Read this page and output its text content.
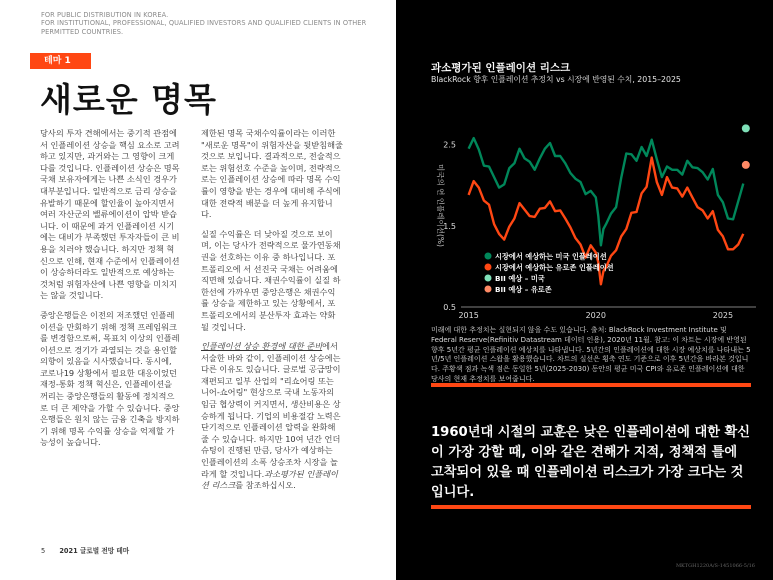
FOR PUBLIC DISTRIBUTION IN KOREA.
FOR INSTITUTIONAL, PROFESSIONAL, QUALIFIED INVESTORS AND QUALIFIED CLIENTS IN OTHER PERMITTED COUNTRIES.
테마 1
새로운 명목

당사의 투자 견해에서는 중기적 관점에서 인플레이션 상승을 핵심 요소로 고려하고 있지만, 과거와는 그 영향이 크게 다를 것입니다. 인플레이션 상승은 명목국채 보유자에게는 나쁜 소식인 경우가 대부분입니다. 일반적으로 금리 상승을 유발하기 때문에 할인율이 높아지면서 여러 자산군의 밸류에이션이 압박 받습니다. 이 때문에 과거 인플레이션 시기에는 대비가 부족했던 투자자들이 큰 비용을 치러야 했습니다. 하지만 정책 혁신으로 인해, 현재 수준에서 인플레이션이 상승하더라도 일반적으로 예상하는 것처럼 위험자산에 나쁜 영향을 미치지는 않을 것입니다.

중앙은행들은 이전의 저조했던 인플레이션을 만회하기 위해 정책 프레임워크를 변경함으로써, 목표치 이상의 인플레이션으로 경기가 과열되는 것을 용인할 의향이 있음을 시사했습니다. 동시에, 코로나19 상황에서 필요한 대응이었던 재정-통화 정책 혁신은, 인플레이션을 꺼리는 중앙은행들의 활동에 정치적으로 더 큰 제약을 가할 수 있습니다. 중앙은행들은 원치 않는 금융 긴축을 방지하기 위해 명목 수익률 상승을 억제할 가능성이 높습니다.

제한된 명목 국채수익률이라는 이러한 "새로운 명목"이 위험자산을 뒷받침해줄 것으로 보입니다. 결과적으로, 전술적으로는 위험선호 수준을 높이며, 전략적으로는 인플레이션 상승에 따라 명목 수익률이 영향을 받는 경우에 대비해 주식에 대한 전략적 배분을 더 높게 유지합니다.

실질 수익률은 더 낮아질 것으로 보이며, 이는 당사가 전략적으로 물가연동채권을 선호하는 이유 중 하나입니다. 포트폴리오에 서 선진국 국채는 어려움에 직면해 있습니다. 채권수익률이 실질 하한선에 가까우면 중앙은행은 채권수익률 상승을 제한하고 있는 상황에서, 포트폴리오에서의 분산투자 효과는 약화될 것입니다.

인플레이션 상승 환경에 대한 준비에서 서술한 바와 같이, 인플레이션 상승에는 다른 이유도 있습니다. 글로벌 공급망이 재편되고 일부 산업의 "리쇼어링 또는 니어-쇼어링" 현상으로 국내 노동자의 임금 협상력이 커지면서, 생산비용은 상승하게 됩니다. 기업의 비용절감 노력은 단기적으로 인플레이션 압력을 완화해줄 수 있습니다. 하지만 10여 년간 언더슈팅이 진행된 만큼, 당사가 예상하는 인플레이션의 소폭 상승조차 시장을 놀라게 할 것입니다.과소평가된 인플레이션 리스크를 참조하십시오.

5 2021 글로벌 전망 테마
과소평가된 인플레이션 리스크
BlackRock 향후 인플레이션 추정치 vs 시장에 반영된 수치, 2015–2025
0.5
1.5
2.5
2015	2020	2025
미국의 연 인플레이션(%)
시장에서 예상하는 미국 인플레이션
시장에서 예상하는 유로존 인플레이션
BII 예상 – 미국
BII 예상 – 유로존
미래에 대한 추정치는 실현되지 않을 수도 있습니다. 출처: BlackRock Investment Institute 및 Federal Reserve(Refinitiv Datastream 데이터 인용), 2020년 11월. 참고: 이 차트는 시장에 반영된 향후 5년간 평균 인플레이션 예상치를 나타냅니다. 5년간의 인플레이션에 대한 시장 예상치를 나타내는 5년/5년 인플레이션 스왑을 활용했습니다. 차트의 실선은 횡축 연도 기준으로 이후 5년간을 바라본 것입니다. 주황색 점과 녹색 점은 동일한 5년(2025-2030) 동안의 평균 미국 CPI와 유로존 인플레이션에 대한 당사의 현재 추정치를 보여줍니다.
1960년대 시절의 교훈은 낮은 인플레이션에 대한 확신이 가장 강할 때, 이와 같은 견해가 지적, 정책적 틀에 고착되어 있을 때 인플레이션 리스크가 가장 크다는 것입니다.
MKTGH1220A/S-1451066-5/16
